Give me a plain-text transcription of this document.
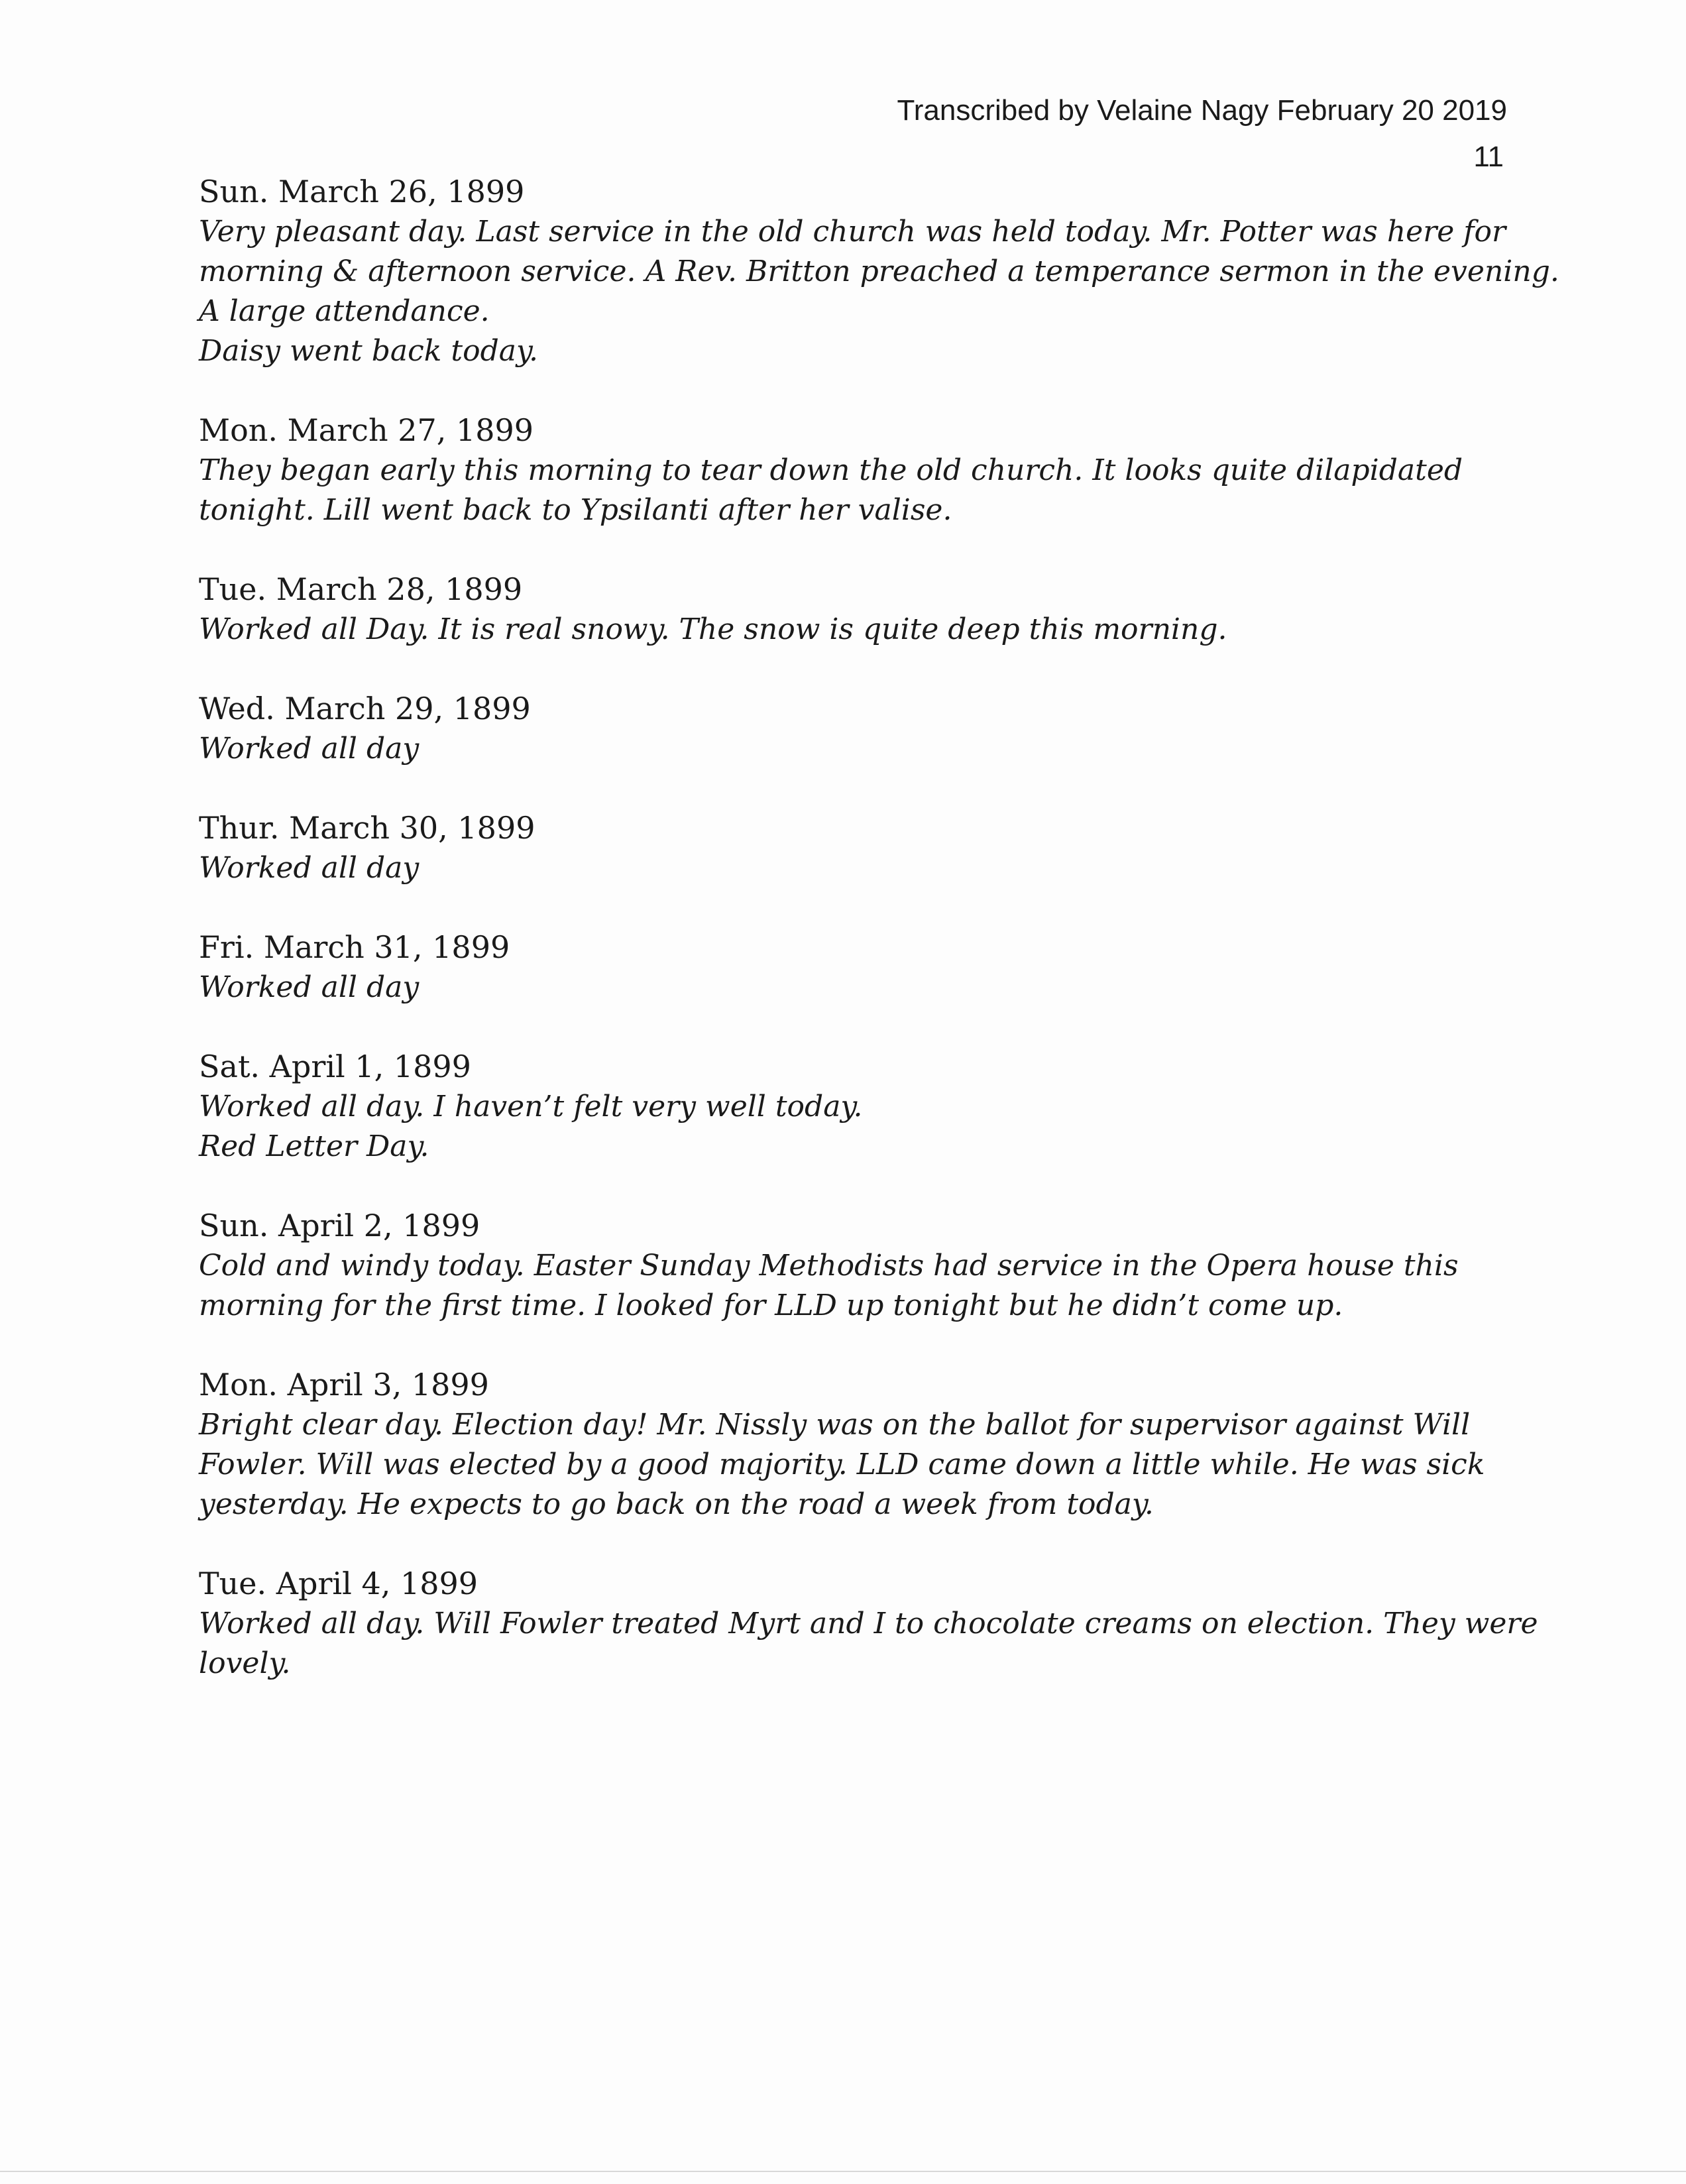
Transcribed by Velaine Nagy February 20 2019
11
Sun. March 26, 1899
Very pleasant day. Last service in the old church was held today. Mr. Potter was here for
morning & afternoon service. A Rev. Britton preached a temperance sermon in the evening.
A large attendance.
Daisy went back today.
Mon. March 27, 1899
They began early this morning to tear down the old church. It looks quite dilapidated
tonight. Lill went back to Ypsilanti after her valise.
Tue. March 28, 1899
Worked all Day. It is real snowy. The snow is quite deep this morning.
Wed. March 29, 1899
Worked all day
Thur. March 30, 1899
Worked all day
Fri. March 31, 1899
Worked all day
Sat. April 1, 1899
Worked all day. I haven’t felt very well today.
Red Letter Day.
Sun. April 2, 1899
Cold and windy today. Easter Sunday Methodists had service in the Opera house this
morning for the first time. I looked for LLD up tonight but he didn’t come up.
Mon. April 3, 1899
Bright clear day. Election day! Mr. Nissly was on the ballot for supervisor against Will
Fowler. Will was elected by a good majority. LLD came down a little while. He was sick
yesterday. He expects to go back on the road a week from today.
Tue. April 4, 1899
Worked all day. Will Fowler treated Myrt and I to chocolate creams on election. They were
lovely.
